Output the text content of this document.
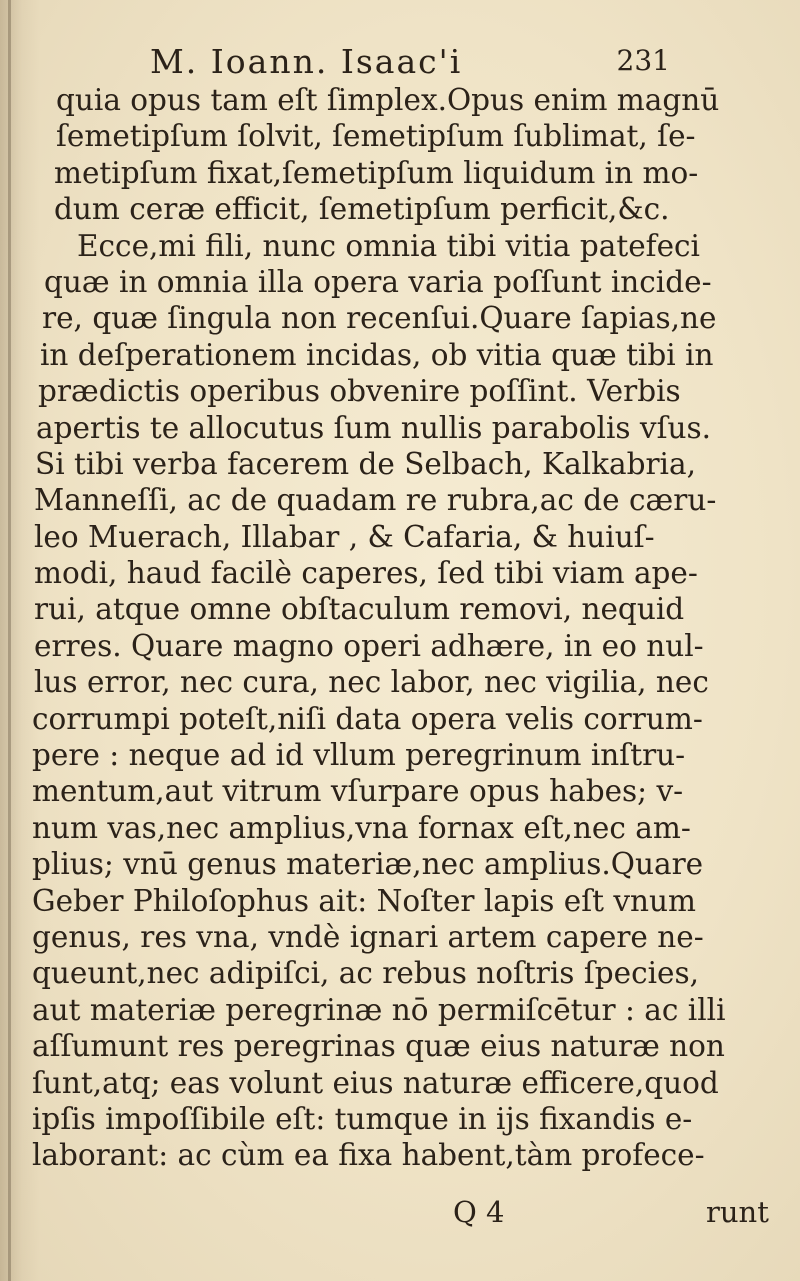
M. Ioann. Isaac'i	231
quia opus tam eſt ſimplex.Opus enim magnū
ſemetipſum ſolvit, ſemetipſum ſublimat, ſe-
metipſum fixat,ſemetipſum liquidum in mo-
dum ceræ efficit, ſemetipſum perficit,&c.
Ecce,mi fili, nunc omnia tibi vitia patefeci
quæ in omnia illa opera varia poſſunt incide-
re, quæ ſingula non recenſui.Quare ſapias,ne
in deſperationem incidas, ob vitia quæ tibi in
prædictis operibus obvenire poſſint. Verbis
apertis te allocutus ſum nullis parabolis vſus.
Si tibi verba facerem de Selbach, Kalkabria,
Manneſſi, ac de quadam re rubra,ac de cæru-
leo Muerach, Illabar , & Cafaria, & huiuſ-
modi, haud facilè caperes, ſed tibi viam ape-
rui, atque omne obſtaculum removi, nequid
erres. Quare magno operi adhære, in eo nul-
lus error, nec cura, nec labor, nec vigilia, nec
corrumpi poteſt,niſi data opera velis corrum-
pere : neque ad id vllum peregrinum inſtru-
mentum,aut vitrum vſurpare opus habes; v-
num vas,nec amplius,vna fornax eſt,nec am-
plius; vnū genus materiæ,nec amplius.Quare
Geber Philoſophus ait: Noſter lapis eſt vnum
genus, res vna, vndè ignari artem capere ne-
queunt,nec adipiſci, ac rebus noſtris ſpecies,
aut materiæ peregrinæ nō permiſcētur : ac illi
aſſumunt res peregrinas quæ eius naturæ non
ſunt,atq; eas volunt eius naturæ efficere,quod
ipſis impoſſibile eſt: tumque in ijs fixandis e-
laborant: ac cùm ea fixa habent,tàm profece-
Q 4	runt
